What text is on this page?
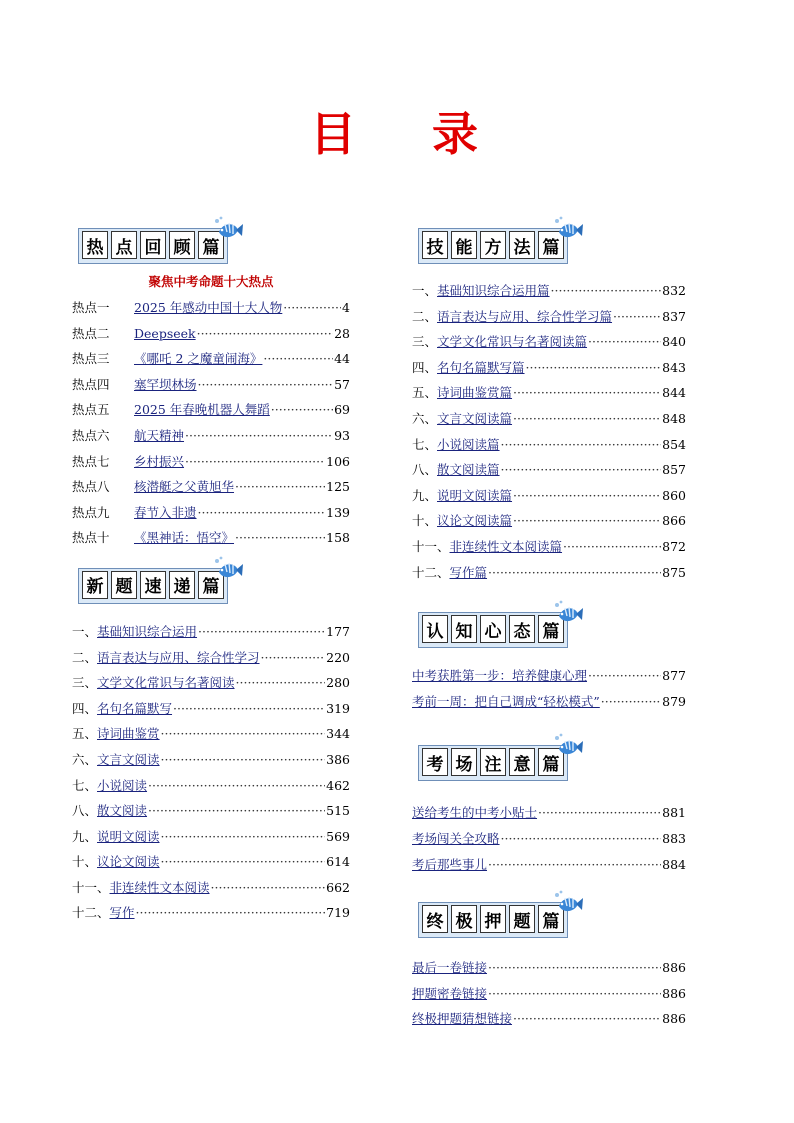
目 录
热 点 回 顾 篇
聚焦中考命题十大热点
热点一	2025 年感动中国十大人物 ·····	4
热点二	Deepseek ·····	28
热点三	《哪吒 2 之魔童闹海》 ·····	44
热点四	塞罕坝林场 ·····	57
热点五	2025 年春晚机器人舞蹈 ·····	69
热点六	航天精神 ·····	93
热点七	乡村振兴 ·····	106
热点八	核潜艇之父黄旭华 ·····	125
热点九	春节入非遗 ·····	139
热点十	《黑神话：悟空》 ·····	158
新 题 速 递 篇
一、 基础知识综合运用 ·····	177
二、 语言表达与应用、综合性学习 ·····	220
三、 文学文化常识与名著阅读 ·····	280
四、 名句名篇默写 ·····	319
五、 诗词曲鉴赏 ·····	344
六、 文言文阅读 ·····	386
七、 小说阅读 ·····	462
八、 散文阅读 ·····	515
九、 说明文阅读 ·····	569
十、 议论文阅读 ·····	614
十一、 非连续性文本阅读 ·····	662
十二、 写作 ·····	719
技 能 方 法 篇
一、 基础知识综合运用篇 ·····	832
二、 语言表达与应用、综合性学习篇 ·····	837
三、 文学文化常识与名著阅读篇 ·····	840
四、 名句名篇默写篇 ·····	843
五、 诗词曲鉴赏篇 ·····	844
六、 文言文阅读篇 ·····	848
七、 小说阅读篇 ·····	854
八、 散文阅读篇 ·····	857
九、 说明文阅读篇 ·····	860
十、 议论文阅读篇 ·····	866
十一、 非连续性文本阅读篇 ·····	872
十二、 写作篇 ·····	875
认 知 心 态 篇
中考获胜第一步：培养健康心理 ·····	877
考前一周：把自己调成“轻松模式” ·····	879
考 场 注 意 篇
送给考生的中考小贴士 ·····	881
考场闯关全攻略 ·····	883
考后那些事儿 ·····	884
终 极 押 题 篇
最后一卷链接 ·····	886
押题密卷链接 ·····	886
终极押题猜想链接 ·····	886
